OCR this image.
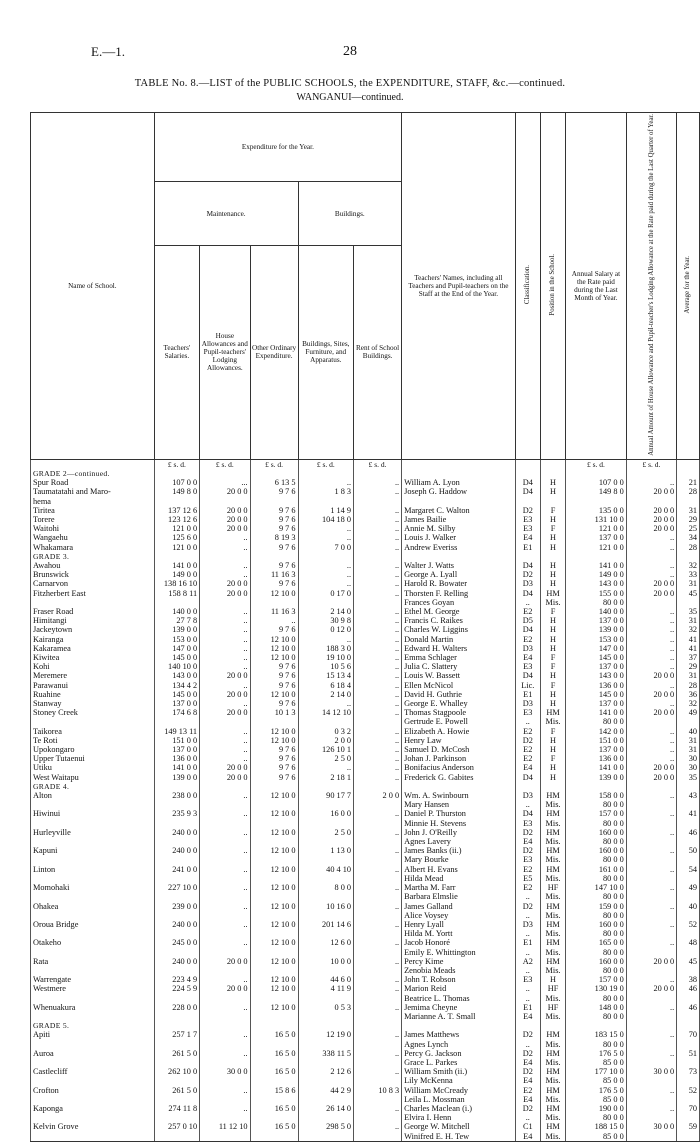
E.—1.	28
TABLE No. 8.—LIST of the PUBLIC SCHOOLS, the EXPENDITURE, STAFF, &c.—continued.
WANGANUI—continued.
Name of School.	Expenditure for the Year.					Teachers' Names, including all Teachers and Pupil-teachers on the Staff at the End of the Year.	Classification.	Position in the School.	Annual Salary at the Rate paid during the Last Month of Year.	Annual Amount of House Allowance and Pupil-teacher's Lodging Allowance at the Rate paid during the Last Quarter of Year.	Average for the Year.
	Maintenance.			Buildings.							
	Teachers' Salaries.	House Allowances and Pupil-teachers' Lodging Allowances.	Other Ordinary Expenditure.	Buildings, Sites, Furniture, and Apparatus.	Rent of School Buildings.						
	£ s. d.	£ s. d.	£ s. d.	£ s. d.	£ s. d.				£ s. d.	£ s. d.	
GRADE 2—continued.											
Spur Road	107 0 0	...	6 13 5	..	..	William A. Lyon	D4	H	107 0 0	..	21
Taumatatahi and Maro-	149 8 0	20 0 0	9 7 6	1 8 3	..	Joseph G. Haddow	D4	H	149 8 0	20 0 0	28
hema											
Tiritea	137 12 6	20 0 0	9 7 6	1 14 9	..	Margaret C. Walton	D2	F	135 0 0	20 0 0	31
Torere	123 12 6	20 0 0	9 7 6	104 18 0	..	James Bailie	E3	H	131 10 0	20 0 0	29
Waitohi	121 0 0	20 0 0	9 7 6	..	..	Annie M. Silby	E3	F	121 0 0	20 0 0	25
Wangaehu	125 6 0	..	8 19 3	..	..	Louis J. Walker	E4	H	137 0 0	..	34
Whakamara	121 0 0	..	9 7 6	7 0 0	..	Andrew Everiss	E1	H	121 0 0	..	28
GRADE 3.											
Awahou	141 0 0	..	9 7 6	..	..	Walter J. Watts	D4	H	141 0 0	..	32
Brunswick	149 0 0	..	11 16 3	..	..	George A. Lyall	D2	H	149 0 0	..	33
Carnarvon	138 16 10	20 0 0	9 7 6	..	..	Harold R. Bowater	D3	H	143 0 0	20 0 0	31
Fitzherbert East	158 8 11	20 0 0	12 10 0	0 17 0	..	Thorsten F. Relling	D4	HM	155 0 0	20 0 0	45
						Frances Goyan	..	Mis.	80 0 0		
Fraser Road	140 0 0	..	11 16 3	2 14 0	..	Ethel M. George	E2	F	140 0 0	..	35
Himitangi	27 7 8	..	..	30 9 8	..	Francis C. Raikes	D5	H	137 0 0	..	31
Jackeytown	139 0 0	..	9 7 6	0 12 0	..	Charles W. Liggins	D4	H	139 0 0	..	32
Kairanga	153 0 0	..	12 10 0	..	..	Donald Martin	E2	H	153 0 0	..	41
Kakaramea	147 0 0	..	12 10 0	188 3 0	..	Edward H. Walters	D3	H	147 0 0	..	41
Kiwitea	145 0 0	..	12 10 0	19 10 0	..	Emma Schlager	E4	F	145 0 0	..	37
Kohi	140 10 0	..	9 7 6	10 5 6	..	Julia C. Slattery	E3	F	137 0 0	..	29
Meremere	143 0 0	20 0 0	9 7 6	15 13 4	..	Louis W. Bassett	D4	H	143 0 0	20 0 0	31
Parawanui	134 4 2	..	9 7 6	6 18 4	..	Ellen McNicol	Lic.	F	136 0 0	..	28
Ruahine	145 0 0	20 0 0	12 10 0	2 14 0	..	David H. Guthrie	E1	H	145 0 0	20 0 0	36
Stanway	137 0 0	..	9 7 6	..	..	George E. Whalley	D3	H	137 0 0	..	32
Stoney Creek	174 6 8	20 0 0	10 1 3	14 12 10	..	Thomas Stagpoole	E3	HM	141 0 0	20 0 0	49
						Gertrude E. Powell	..	Mis.	80 0 0		
Taikorea	149 13 11	..	12 10 0	0 3 2	..	Elizabeth A. Howie	E2	F	142 0 0	..	40
Te Roti	151 0 0	..	12 10 0	2 0 0	..	Henry Law	D2	H	151 0 0	..	31
Upokongaro	137 0 0	..	9 7 6	126 10 1	..	Samuel D. McCosh	E2	H	137 0 0	..	31
Upper Tutaenui	136 0 0	..	9 7 6	2 5 0	..	Johan J. Parkinson	E2	F	136 0 0	..	30
Utiku	141 0 0	20 0 0	9 7 6	..	..	Bonifacius Anderson	E4	H	141 0 0	20 0 0	30
West Waitapu	139 0 0	20 0 0	9 7 6	2 18 1	..	Frederick G. Gabites	D4	H	139 0 0	20 0 0	35
GRADE 4.											
Alton	238 0 0	..	12 10 0	90 17 7	2 0 0	Wm. A. Swinbourn	D3	HM	158 0 0	..	43
						Mary Hansen	..	Mis.	80 0 0		
Hiwinui	235 9 3	..	12 10 0	16 0 0	..	Daniel P. Thurston	D4	HM	157 0 0	..	41
						Minnie H. Stevens	E3	Mis.	80 0 0		
Hurleyville	240 0 0	..	12 10 0	2 5 0	..	John J. O'Reilly	D2	HM	160 0 0	..	46
						Agnes Lavery	E4	Mis.	80 0 0		
Kapuni	240 0 0	..	12 10 0	1 13 0	..	James Banks (ii.)	D2	HM	160 0 0	..	50
						Mary Bourke	E3	Mis.	80 0 0		
Linton	241 0 0	..	12 10 0	40 4 10	..	Albert H. Evans	E2	HM	161 0 0	..	54
						Hilda Mead	E5	Mis.	80 0 0		
Momohaki	227 10 0	..	12 10 0	8 0 0	..	Martha M. Farr	E2	HF	147 10 0	..	49
						Barbara Elmslie	..	Mis.	80 0 0		
Ohakea	239 0 0	..	12 10 0	10 16 0	..	James Galland	D2	HM	159 0 0	..	40
						Alice Voysey	..	Mis.	80 0 0		
Oroua Bridge	240 0 0	..	12 10 0	201 14 6	..	Henry Lyall	D3	HM	160 0 0	..	52
						Hilda M. Yortt	..	Mis.	80 0 0		
Otakeho	245 0 0	..	12 10 0	12 6 0	..	Jacob Honoré	E1	HM	165 0 0	..	48
						Emily E. Whittington	..	Mis.	80 0 0		
Rata	240 0 0	20 0 0	12 10 0	10 0 0	..	Percy Kime	A2	HM	160 0 0	20 0 0	45
						Zenobia Meads	..	Mis.	80 0 0		
Warrengate	223 4 9	..	12 10 0	44 6 0	..	John T. Robson	E3	H	157 0 0	..	38
Westmere	224 5 9	20 0 0	12 10 0	4 11 9	..	Marion Reid	..	HF	130 19 0	20 0 0	46
						Beatrice L. Thomas	..	Mis.	80 0 0		
Whenuakura	228 0 0	..	12 10 0	0 5 3	..	Jemima Cheyne	E1	HF	148 0 0	..	46
						Marianne A. T. Small	E4	Mis.	80 0 0		
GRADE 5.											
Apiti	257 1 7	..	16 5 0	12 19 0	..	James Matthews	D2	HM	183 15 0	..	70
						Agnes Lynch	..	Mis.	80 0 0		
Auroa	261 5 0	..	16 5 0	338 11 5	..	Percy G. Jackson	D2	HM	176 5 0	..	51
						Grace L. Parkes	E4	Mis.	85 0 0		
Castlecliff	262 10 0	30 0 0	16 5 0	2 12 6	..	William Smith (ii.)	D2	HM	177 10 0	30 0 0	73
						Lily McKenna	E4	Mis.	85 0 0		
Crofton	261 5 0	..	15 8 6	44 2 9	10 8 3	William McCready	E2	HM	176 5 0	..	52
						Leila L. Mossman	E4	Mis.	85 0 0		
Kaponga	274 11 8	..	16 5 0	26 14 0	..	Charles Maclean (i.)	D2	HM	190 0 0	..	70
						Elvira I. Henn	..	Mis.	80 0 0		
Kelvin Grove	257 0 10	11 12 10	16 5 0	298 5 0	..	George W. Mitchell	C1	HM	188 15 0	30 0 0	59
						Winifred E. H. Tew	E4	Mis.	85 0 0		
